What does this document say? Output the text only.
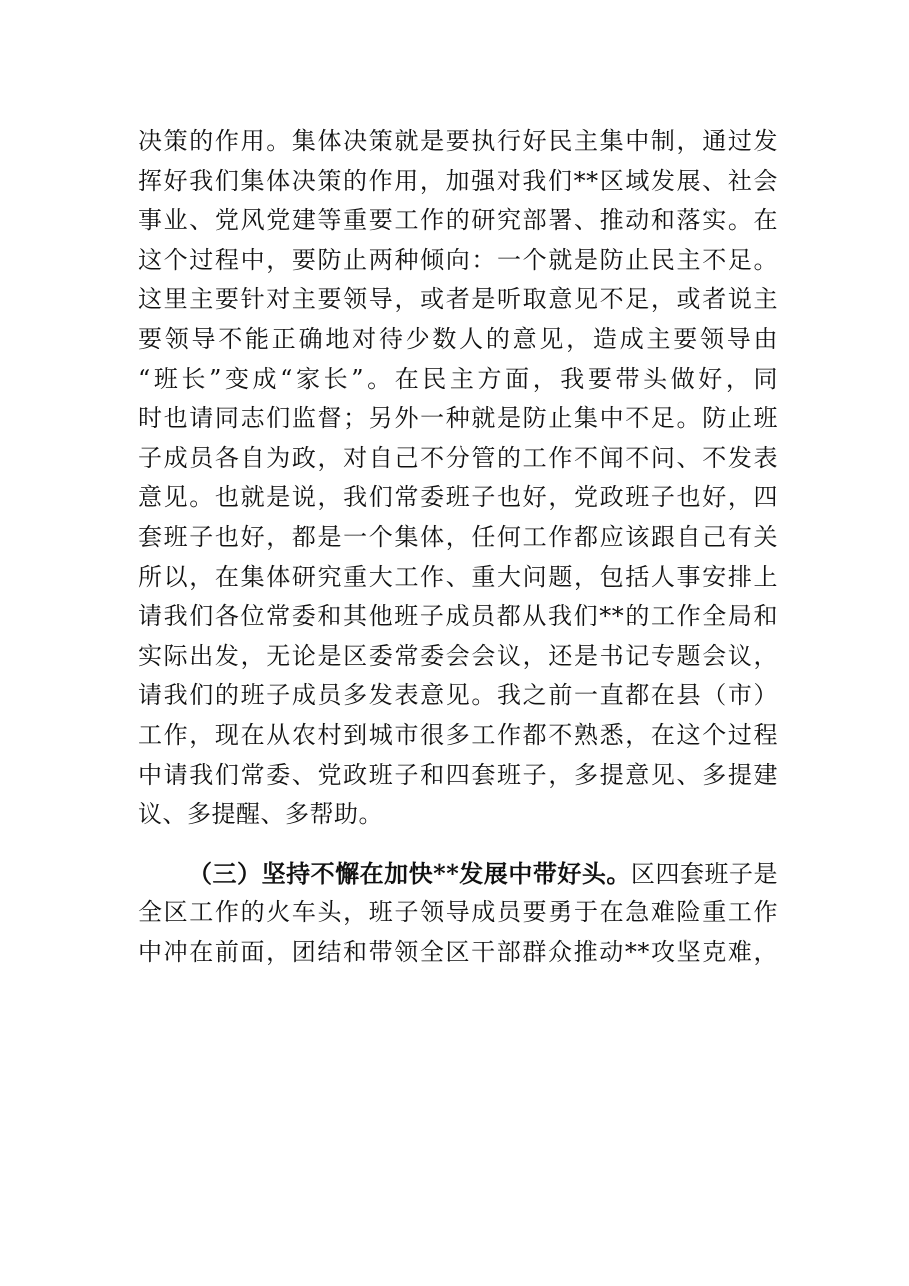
决策的作用。集体决策就是要执行好民主集中制，通过发
挥好我们集体决策的作用，加强对我们**区域发展、社会
事业、党风党建等重要工作的研究部署、推动和落实。在
这个过程中，要防止两种倾向：一个就是防止民主不足。
这里主要针对主要领导，或者是听取意见不足，或者说主
要领导不能正确地对待少数人的意见，造成主要领导由
“班长”变成“家长”。在民主方面，我要带头做好，同
时也请同志们监督；另外一种就是防止集中不足。防止班
子成员各自为政，对自己不分管的工作不闻不问、不发表
意见。也就是说，我们常委班子也好，党政班子也好，四
套班子也好，都是一个集体，任何工作都应该跟自己有关
所以，在集体研究重大工作、重大问题，包括人事安排上
请我们各位常委和其他班子成员都从我们**的工作全局和
实际出发，无论是区委常委会会议，还是书记专题会议，
请我们的班子成员多发表意见。我之前一直都在县（市）
工作，现在从农村到城市很多工作都不熟悉，在这个过程
中请我们常委、党政班子和四套班子，多提意见、多提建
议、多提醒、多帮助。
（三）坚持不懈在加快**发展中带好头。区四套班子是
全区工作的火车头，班子领导成员要勇于在急难险重工作
中冲在前面，团结和带领全区干部群众推动**攻坚克难，
